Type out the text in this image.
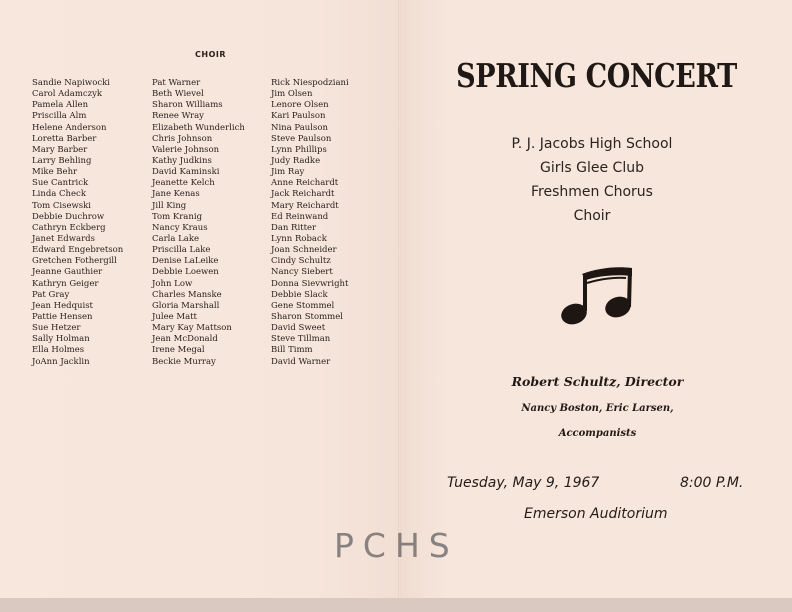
CHOIR
Sandie Napiwocki
Carol Adamczyk
Pamela Allen
Priscilla Alm
Helene Anderson
Loretta Barber
Mary Barber
Larry Behling
Mike Behr
Sue Cantrick
Linda Check
Tom Cisewski
Debbie Duchrow
Cathryn Eckberg
Janet Edwards
Edward Engebretson
Gretchen Fothergill
Jeanne Gauthier
Kathryn Geiger
Pat Gray
Jean Hedquist
Pattie Hensen
Sue Hetzer
Sally Holman
Ella Holmes
JoAnn Jacklin
Pat Warner
Beth Wievel
Sharon Williams
Renee Wray
Elizabeth Wunderlich
Chris Johnson
Valerie Johnson
Kathy Judkins
David Kaminski
Jeanette Kelch
Jane Kenas
Jill King
Tom Kranig
Nancy Kraus
Carla Lake
Priscilla Lake
Denise LaLeike
Debbie Loewen
John Low
Charles Manske
Gloria Marshall
Julee Matt
Mary Kay Mattson
Jean McDonald
Irene Megal
Beckie Murray
Rick Niespodziani
Jim Olsen
Lenore Olsen
Kari Paulson
Nina Paulson
Steve Paulson
Lynn Phillips
Judy Radke
Jim Ray
Anne Reichardt
Jack Reichardt
Mary Reichardt
Ed Reinwand
Dan Ritter
Lynn Roback
Joan Schneider
Cindy Schultz
Nancy Siebert
Donna Sievwright
Debbie Slack
Gene Stommel
Sharon Stommel
David Sweet
Steve Tillman
Bill Timm
David Warner
SPRING CONCERT
P. J. Jacobs High School
Girls Glee Club
Freshmen Chorus
Choir
Robert Schultz, Director
Nancy Boston, Eric Larsen,
Accompanists
Tuesday, May 9, 1967	8:00 P.M.
Emerson Auditorium
PCHS
